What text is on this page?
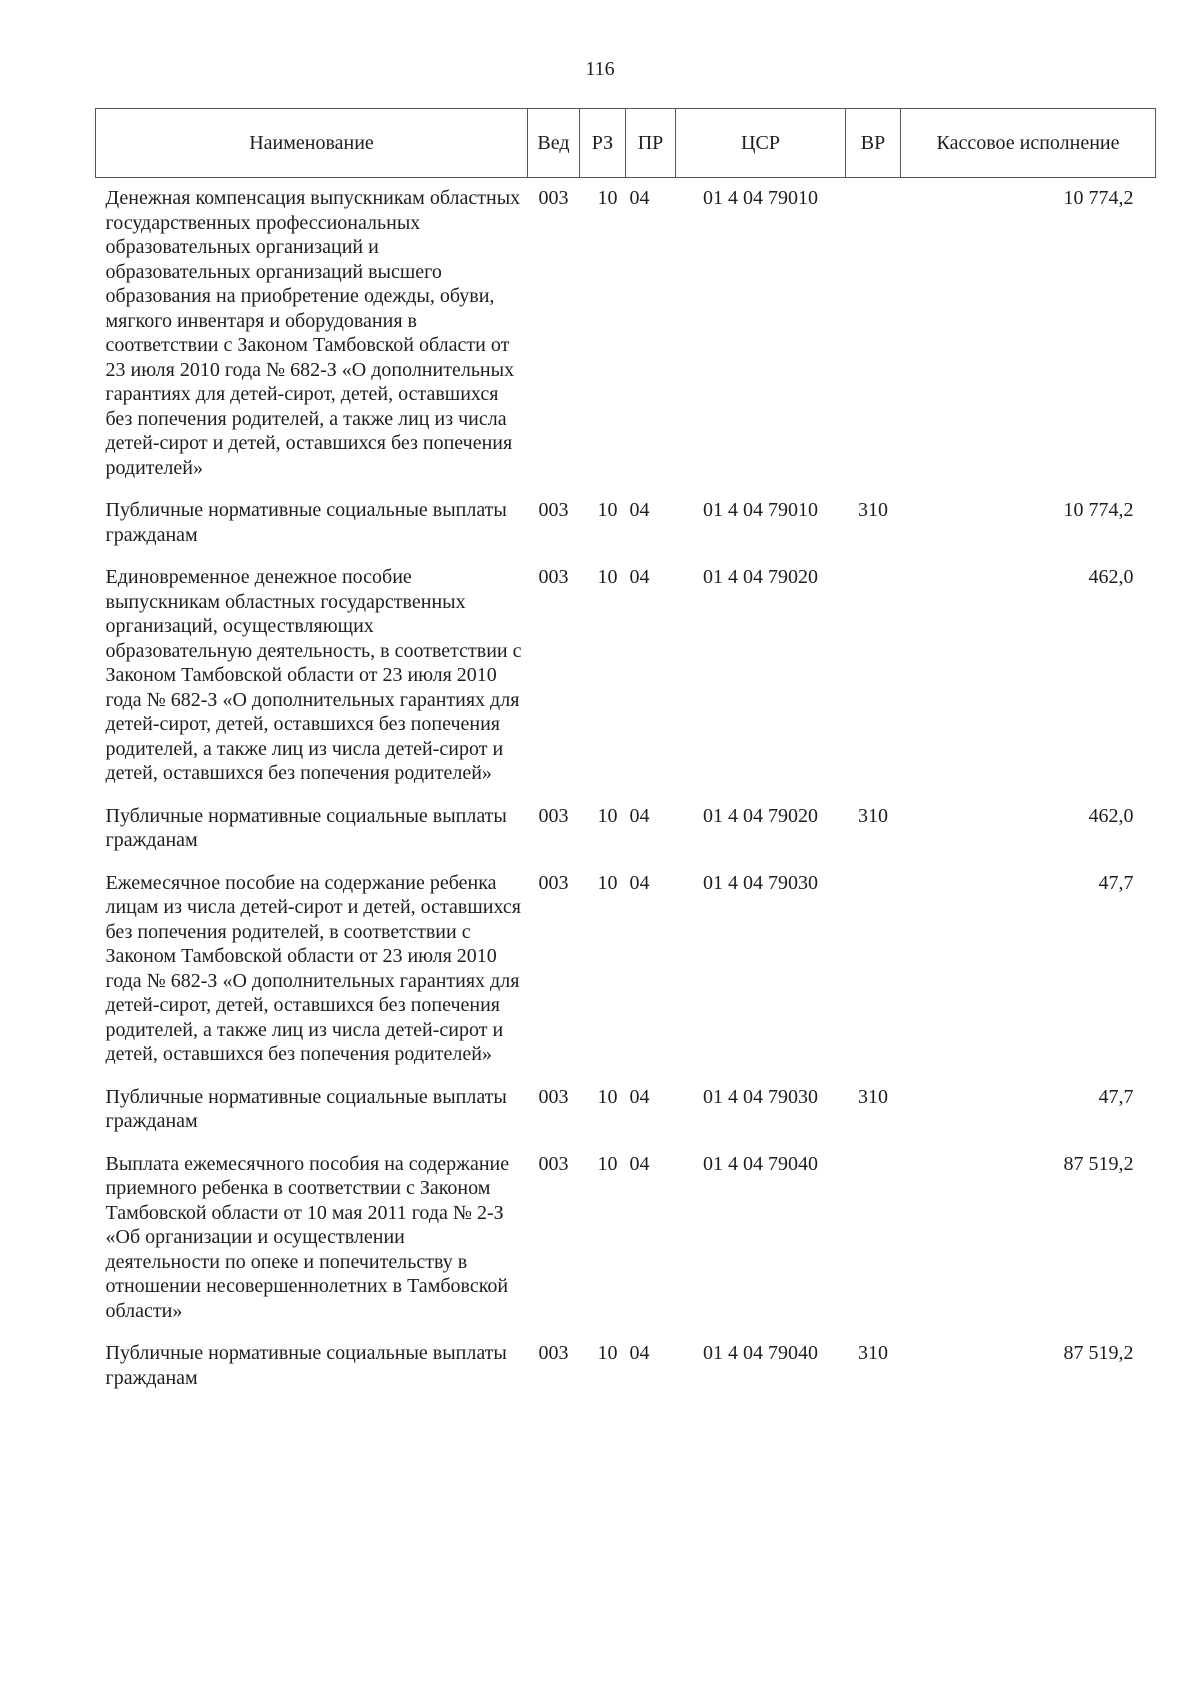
116
Наименование	Вед	РЗ	ПР	ЦСР	ВР	Кассовое исполнение
Денежная компенсация выпускникам областных государственных профессиональных образовательных организаций и образовательных организаций высшего образования на приобретение одежды, обуви, мягкого инвентаря и оборудования в соответствии с Законом Тамбовской области от 23 июля 2010 года № 682-З «О дополнительных гарантиях для детей-сирот, детей, оставшихся без попечения родителей, а также лиц из числа детей-сирот и детей, оставшихся без попечения родителей»	003	10	04	01 4 04 79010		10 774,2
Публичные нормативные социальные выплаты гражданам	003	10	04	01 4 04 79010	310	10 774,2
Единовременное денежное пособие выпускникам областных государственных организаций, осуществляющих образовательную деятельность, в соответствии с Законом Тамбовской области от 23 июля 2010 года № 682-З «О дополнительных гарантиях для детей-сирот, детей, оставшихся без попечения родителей, а также лиц из числа детей-сирот и детей, оставшихся без попечения родителей»	003	10	04	01 4 04 79020		462,0
Публичные нормативные социальные выплаты гражданам	003	10	04	01 4 04 79020	310	462,0
Ежемесячное пособие на содержание ребенка лицам из числа детей-сирот и детей, оставшихся без попечения родителей, в соответствии с Законом Тамбовской области от 23 июля 2010 года № 682-З «О дополнительных гарантиях для детей-сирот, детей, оставшихся без попечения родителей, а также лиц из числа детей-сирот и детей, оставшихся без попечения родителей»	003	10	04	01 4 04 79030		47,7
Публичные нормативные социальные выплаты гражданам	003	10	04	01 4 04 79030	310	47,7
Выплата ежемесячного пособия на содержание приемного ребенка в соответствии с Законом Тамбовской области от 10 мая 2011 года № 2-З «Об организации и осуществлении деятельности по опеке и попечительству в отношении несовершеннолетних в Тамбовской области»	003	10	04	01 4 04 79040		87 519,2
Публичные нормативные социальные выплаты гражданам	003	10	04	01 4 04 79040	310	87 519,2
